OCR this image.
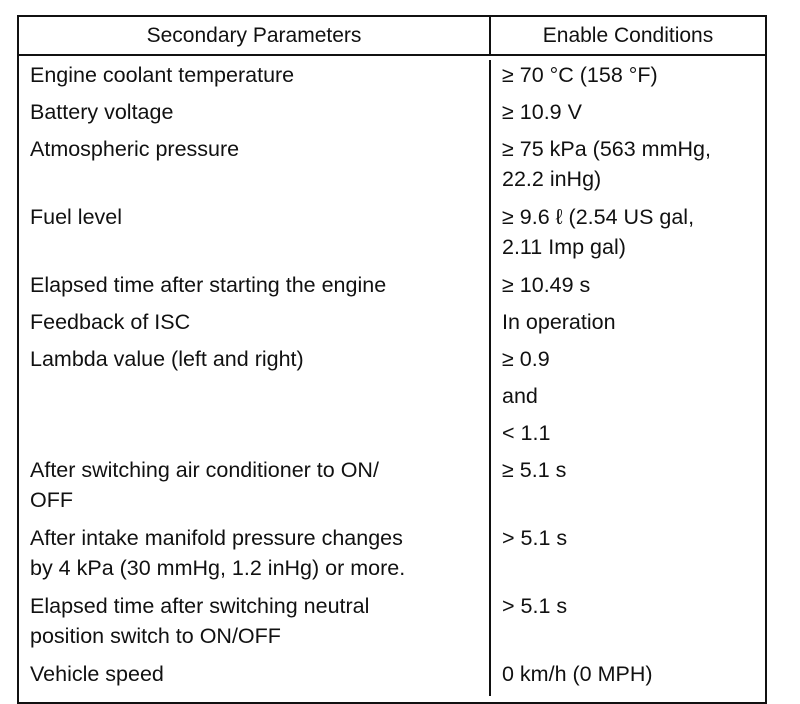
Secondary Parameters	Enable Conditions
Engine coolant temperature
Battery voltage
Atmospheric pressure
Fuel level
Elapsed time after starting the engine
Feedback of ISC
Lambda value (left and right)
After switching air conditioner to ON/
OFF
After intake manifold pressure changes
by 4 kPa (30 mmHg, 1.2 inHg) or more.
Elapsed time after switching neutral
position switch to ON/OFF
Vehicle speed
≥ 70 °C (158 °F)
≥ 10.9 V
≥ 75 kPa (563 mmHg,
22.2 inHg)
≥ 9.6 ℓ (2.54 US gal,
2.11 Imp gal)
≥ 10.49 s
In operation
≥ 0.9
and
< 1.1
≥ 5.1 s
> 5.1 s
> 5.1 s
0 km/h (0 MPH)
